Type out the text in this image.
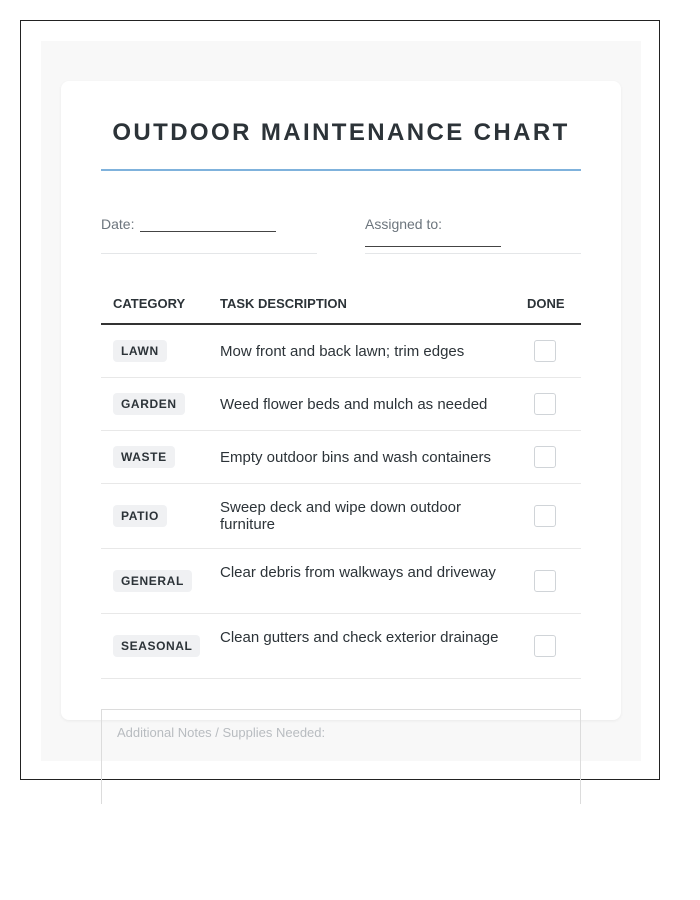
OUTDOOR MAINTENANCE CHART
Date:	Assigned to:
CATEGORY	TASK DESCRIPTION	DONE
LAWN	Mow front and back lawn; trim edges
GARDEN	Weed flower beds and mulch as needed
WASTE	Empty outdoor bins and wash containers
PATIO	Sweep deck and wipe down outdoor furniture
GENERAL	Clear debris from walkways and driveway
SEASONAL	Clean gutters and check exterior drainage
Additional Notes / Supplies Needed:
